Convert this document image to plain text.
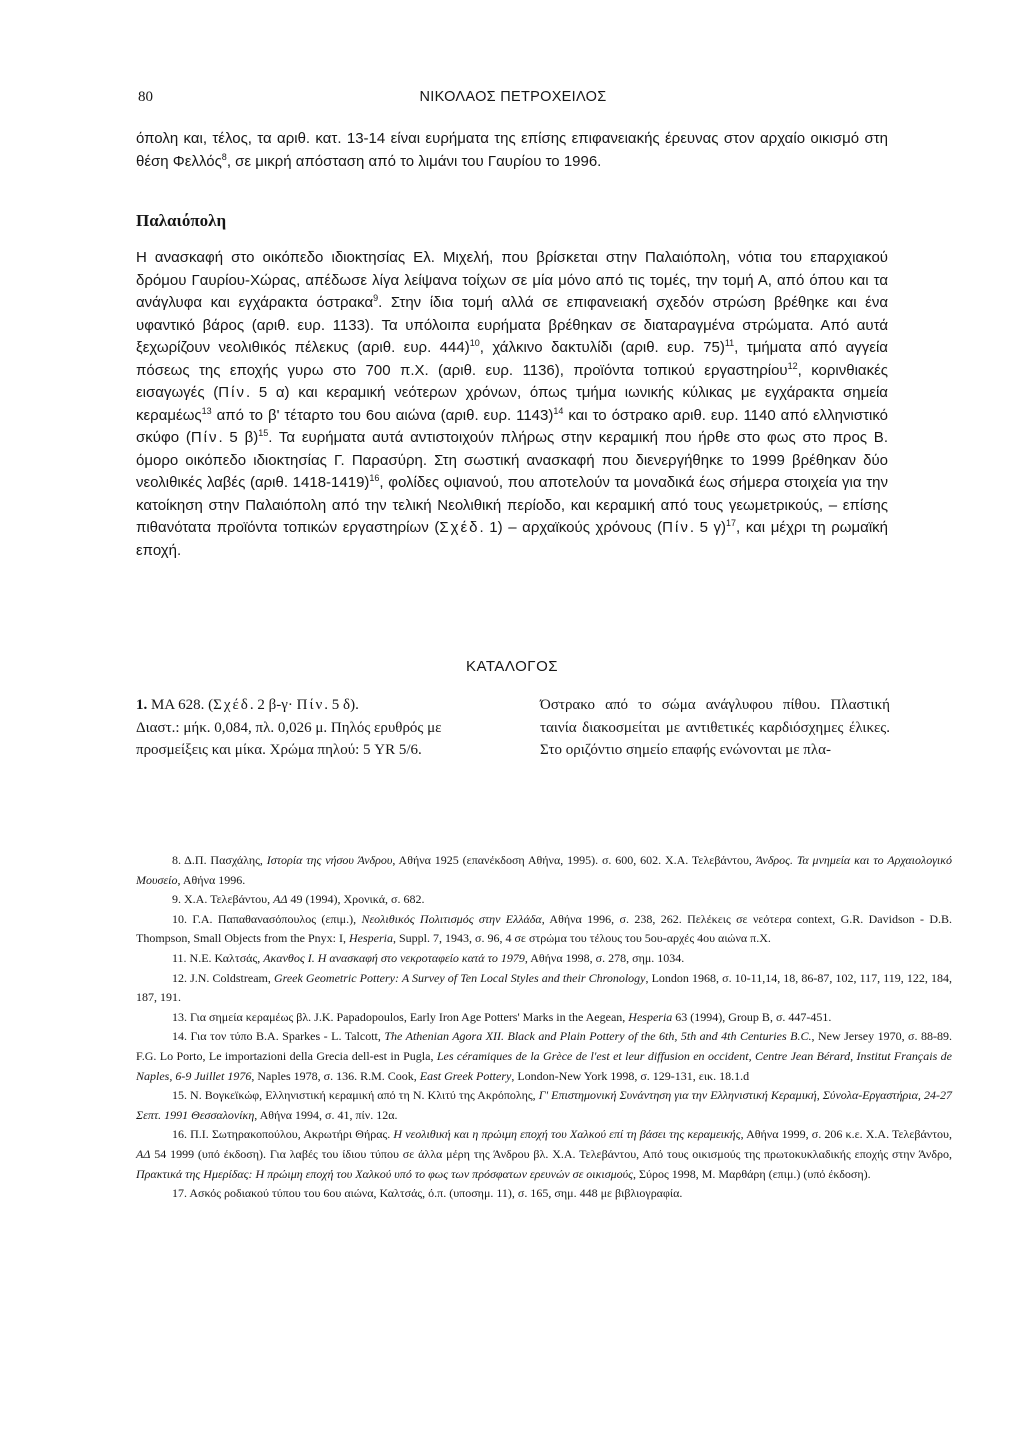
80	ΝΙΚΟΛΑΟΣ ΠΕΤΡΟΧΕΙΛΟΣ

όπολη και, τέλος, τα αριθ. κατ. 13-14 είναι ευρήματα της επίσης επιφανειακής έρευνας στον αρχαίο οικισμό στη θέση Φελλός$^8$, σε μικρή απόσταση από το λιμάνι του Γαυρίου το 1996.

Παλαιόπολη

Η ανασκαφή στο οικόπεδο ιδιοκτησίας Ελ. Μιχελή, που βρίσκεται στην Παλαιόπολη, νότια του επαρχιακού δρόμου Γαυρίου-Χώρας, απέδωσε λίγα λείψανα τοίχων σε μία μόνο από τις τομές, την τομή Α, από όπου και τα ανάγλυφα και εγχάρακτα όστρακα$^9$. Στην ίδια τομή αλλά σε επιφανειακή σχεδόν στρώση βρέθηκε και ένα υφαντικό βάρος (αριθ. ευρ. 1133). Τα υπόλοιπα ευρήματα βρέθηκαν σε διαταραγμένα στρώματα. Από αυτά ξεχωρίζουν νεολιθικός πέλεκυς (αριθ. ευρ. 444)$^{10}$, χάλκινο δακτυλίδι (αριθ. ευρ. 75)$^{11}$, τμήματα από αγγεία πόσεως της εποχής γυρω στο 700 π.Χ. (αριθ. ευρ. 1136), προϊόντα τοπικού εργαστηρίου$^{12}$, κορινθιακές εισαγωγές (Πίν. 5 α) και κεραμική νεότερων χρόνων, όπως τμήμα ιωνικής κύλικας με εγχάρακτα σημεία κεραμέως$^{13}$ από το β' τέταρτο του 6ου αιώνα (αριθ. ευρ. 1143)$^{14}$ και το όστρακο αριθ. ευρ. 1140 από ελληνιστικό σκύφο (Πίν. 5 β)$^{15}$. Τα ευρήματα αυτά αντιστοιχούν πλήρως στην κεραμική που ήρθε στο φως στο προς Β. όμορο οικόπεδο ιδιοκτησίας Γ. Παρασύρη. Στη σωστική ανασκαφή που διενεργήθηκε το 1999 βρέθηκαν δύο νεολιθικές λαβές (αριθ. 1418-1419)$^{16}$, φολίδες οψιανού, που αποτελούν τα μοναδικά έως σήμερα στοιχεία για την κατοίκηση στην Παλαιόπολη από την τελική Νεολιθική περίοδο, και κεραμική από τους γεωμετρικούς, – επίσης πιθανότατα προϊόντα τοπικών εργαστηρίων (Σχέδ. 1) – αρχαϊκούς χρόνους (Πίν. 5 γ)$^{17}$, και μέχρι τη ρωμαϊκή εποχή.

ΚΑΤΑΛΟΓΟΣ

1. ΜΑ 628. (Σχέδ. 2 β-γ· Πίν. 5 δ).

Διαστ.: μήκ. 0,084, πλ. 0,026 μ. Πηλός ερυθρός με προσμείξεις και μίκα. Χρώμα πηλού: 5 YR 5/6.

Όστρακο από το σώμα ανάγλυφου πίθου. Πλαστική ταινία διακοσμείται με αντιθετικές καρδιόσχημες έλικες. Στο οριζόντιο σημείο επαφής ενώνονται με πλα-

8. Δ.Π. Πασχάλης, Ιστορία της νήσου Άνδρου, Αθήνα 1925 (επανέκδοση Αθήνα, 1995). σ. 600, 602. Χ.Α. Τελεβάντου, Άνδρος. Τα μνημεία και το Αρχαιολογικό Μουσείο, Αθήνα 1996.

9. Χ.Α. Τελεβάντου, ΑΔ 49 (1994), Χρονικά, σ. 682.

10. Γ.Α. Παπαθανασόπουλος (επιμ.), Νεολιθικός Πολιτισμός στην Ελλάδα, Αθήνα 1996, σ. 238, 262. Πελέκεις σε νεότερα context, G.R. Davidson - D.B. Thompson, Small Objects from the Pnyx: I, Hesperia, Suppl. 7, 1943, σ. 96, 4 σε στρώμα του τέλους του 5ου-αρχές 4ου αιώνα π.Χ.

11. Ν.Ε. Καλτσάς, Ακανθος Ι. Η ανασκαφή στο νεκροταφείο κατά το 1979, Αθήνα 1998, σ. 278, σημ. 1034.

12. J.N. Coldstream, Greek Geometric Pottery: A Survey of Ten Local Styles and their Chronology, London 1968, σ. 10-11,14, 18, 86-87, 102, 117, 119, 122, 184, 187, 191.

13. Για σημεία κεραμέως βλ. J.K. Papadopoulos, Early Iron Age Potters' Marks in the Aegean, Hesperia 63 (1994), Group B, σ. 447-451.

14. Για τον τύπο B.A. Sparkes - L. Talcott, The Athenian Agora XII. Black and Plain Pottery of the 6th, 5th and 4th Centuries B.C., New Jersey 1970, σ. 88-89. F.G. Lo Porto, Le importazioni della Grecia dell-est in Pugla, Les céramiques de la Grèce de l'est et leur diffusion en occident, Centre Jean Bérard, Institut Français de Naples, 6-9 Juillet 1976, Naples 1978, σ. 136. R.M. Cook, East Greek Pottery, London-New York 1998, σ. 129-131, εικ. 18.1.d

15. Ν. Βογκεϊκώφ, Ελληνιστική κεραμική από τη Ν. Κλιτύ της Ακρόπολης, Γ' Επιστημονική Συνάντηση για την Ελληνιστική Κεραμική, Σύνολα-Εργαστήρια, 24-27 Σεπτ. 1991 Θεσσαλονίκη, Αθήνα 1994, σ. 41, πίν. 12α.

16. Π.Ι. Σωτηρακοπούλου, Ακρωτήρι Θήρας. Η νεολιθική και η πρώιμη εποχή του Χαλκού επί τη βάσει της κεραμεικής, Αθήνα 1999, σ. 206 κ.ε. Χ.Α. Τελεβάντου, ΑΔ 54 1999 (υπό έκδοση). Για λαβές του ίδιου τύπου σε άλλα μέρη της Άνδρου βλ. Χ.Α. Τελεβάντου, Από τους οικισμούς της πρωτοκυκλαδικής εποχής στην Άνδρο, Πρακτικά της Ημερίδας: Η πρώιμη εποχή του Χαλκού υπό το φως των πρόσφατων ερευνών σε οικισμούς, Σύρος 1998, Μ. Μαρθάρη (επιμ.) (υπό έκδοση).

17. Ασκός ροδιακού τύπου του 6ου αιώνα, Καλτσάς, ό.π. (υποσημ. 11), σ. 165, σημ. 448 με βιβλιογραφία.
